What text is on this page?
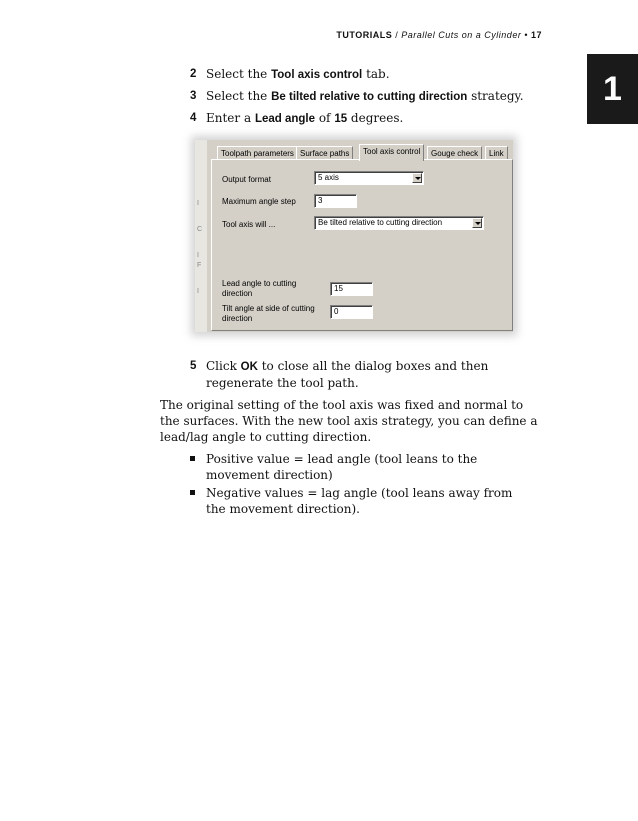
TUTORIALS / Parallel Cuts on a Cylinder • 17
1
2 Select the Tool axis control tab.
3 Select the Be tilted relative to cutting direction strategy.
4 Enter a Lead angle of 15 degrees.
I
C
I
F
I
Toolpath parameters Surface paths	Tool axis control	Gouge check	Link
Output format	5 axis
Maximum angle step	3
Tool axis will ...	Be tilted relative to cutting direction
Lead angle to cutting
direction
15
Tilt angle at side of cutting
direction
0
5 Click OK to close all the dialog boxes and then regenerate the tool path.
The original setting of the tool axis was fixed and normal to the surfaces. With the new tool axis strategy, you can define a lead/lag angle to cutting direction.
Positive value = lead angle (tool leans to the movement direction)
Negative values = lag angle (tool leans away from the movement direction).
